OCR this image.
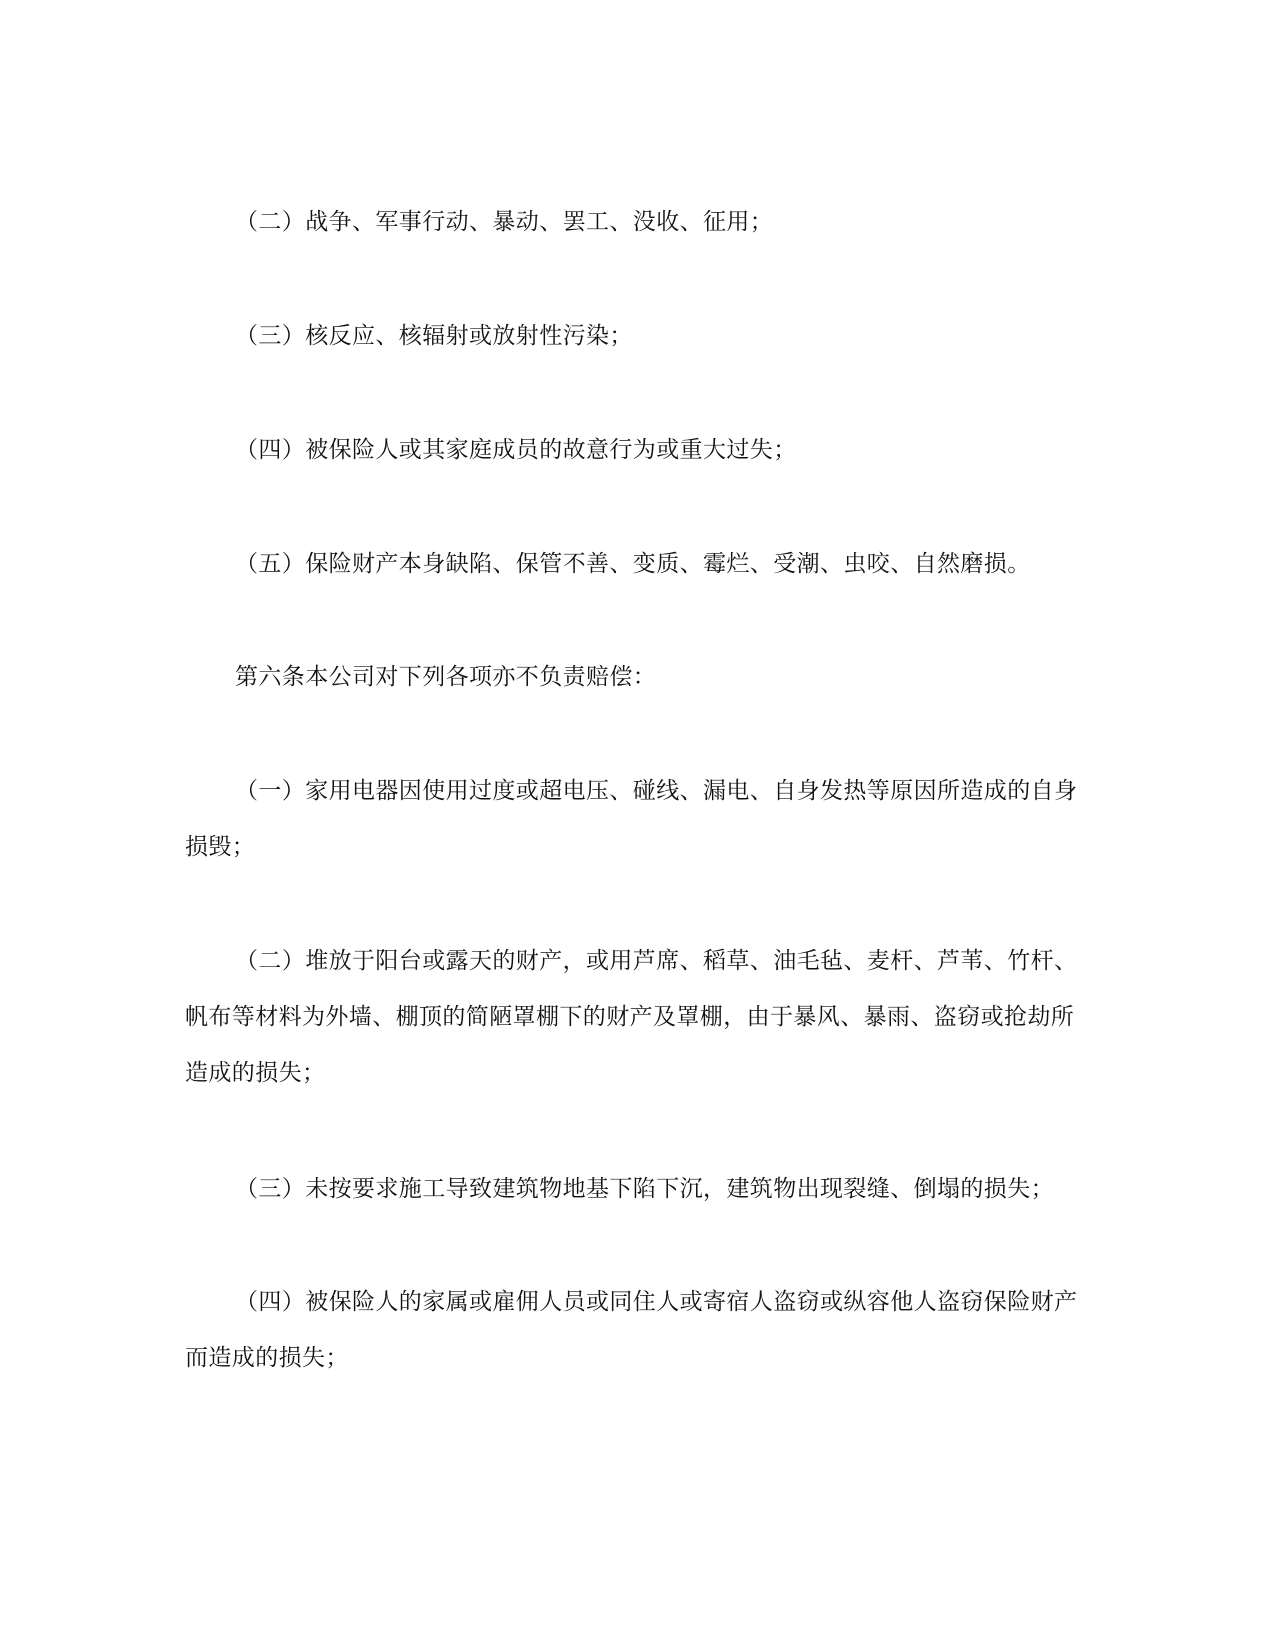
（二）战争、军事行动、暴动、罢工、没收、征用；

（三）核反应、核辐射或放射性污染；

（四）被保险人或其家庭成员的故意行为或重大过失；

（五）保险财产本身缺陷、保管不善、变质、霉烂、受潮、虫咬、自然磨损。

第六条本公司对下列各项亦不负责赔偿：

（一）家用电器因使用过度或超电压、碰线、漏电、自身发热等原因所造成的自身损毁；

（二）堆放于阳台或露天的财产，或用芦席、稻草、油毛毡、麦杆、芦苇、竹杆、帆布等材料为外墙、棚顶的简陋罩棚下的财产及罩棚，由于暴风、暴雨、盗窃或抢劫所造成的损失；

（三）未按要求施工导致建筑物地基下陷下沉，建筑物出现裂缝、倒塌的损失；

（四）被保险人的家属或雇佣人员或同住人或寄宿人盗窃或纵容他人盗窃保险财产而造成的损失；
